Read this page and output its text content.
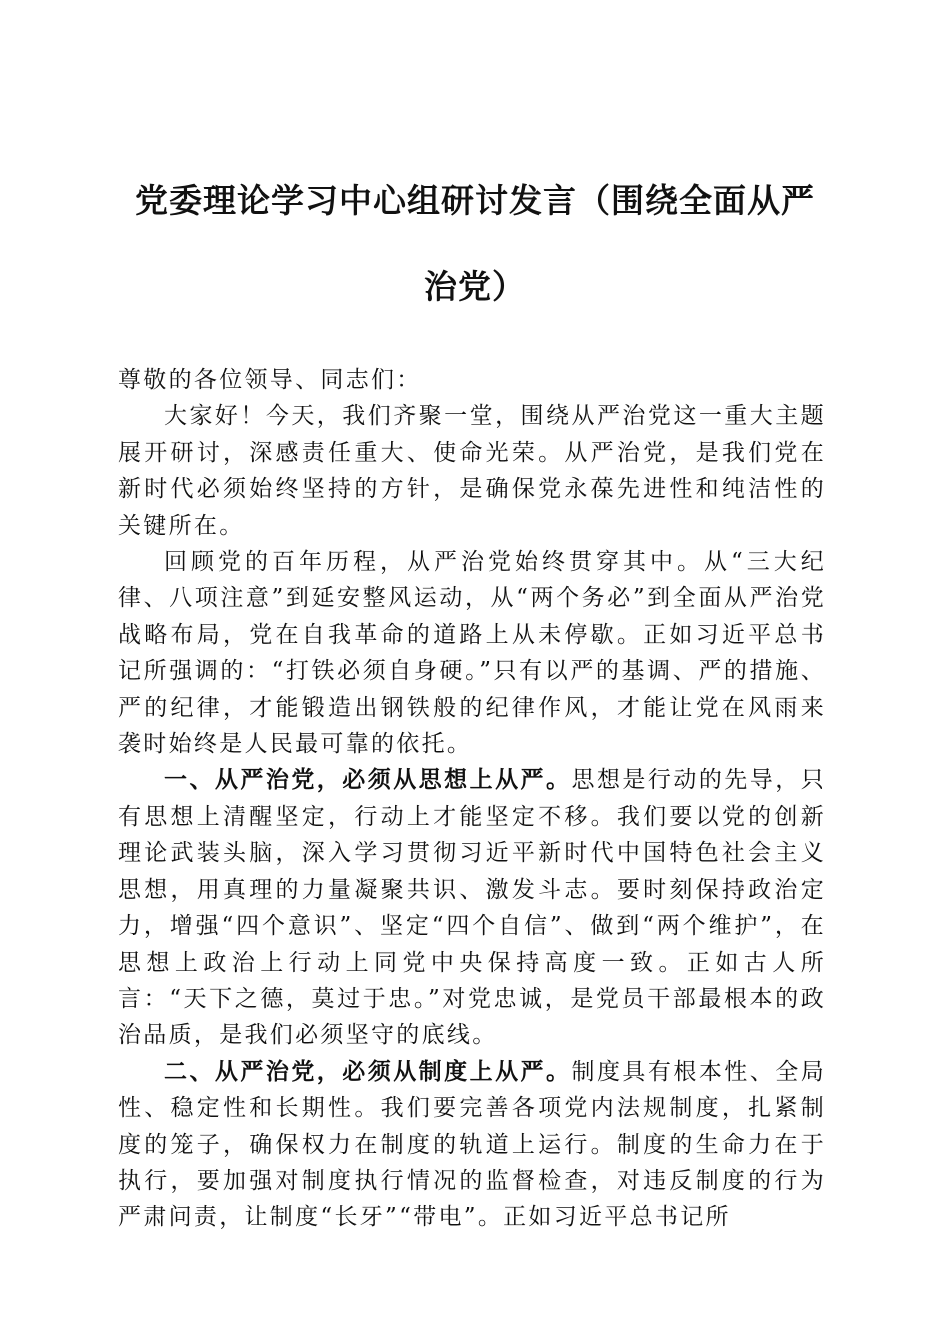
党委理论学习中心组研讨发言（围绕全面从严
治党）

尊敬的各位领导、同志们：

大家好！今天，我们齐聚一堂，围绕从严治党这一重大主题展开研讨，深感责任重大、使命光荣。从严治党，是我们党在新时代必须始终坚持的方针，是确保党永葆先进性和纯洁性的关键所在。

回顾党的百年历程，从严治党始终贯穿其中。从“三大纪律、八项注意”到延安整风运动，从“两个务必”到全面从严治党战略布局，党在自我革命的道路上从未停歇。正如习近平总书记所强调的：“打铁必须自身硬。”只有以严的基调、严的措施、严的纪律，才能锻造出钢铁般的纪律作风，才能让党在风雨来袭时始终是人民最可靠的依托。

一、从严治党，必须从思想上从严。思想是行动的先导，只有思想上清醒坚定，行动上才能坚定不移。我们要以党的创新理论武装头脑，深入学习贯彻习近平新时代中国特色社会主义思想，用真理的力量凝聚共识、激发斗志。要时刻保持政治定力，增强“四个意识”、坚定“四个自信”、做到“两个维护”，在思想上政治上行动上同党中央保持高度一致。正如古人所言：“天下之德，莫过于忠。”对党忠诚，是党员干部最根本的政治品质，是我们必须坚守的底线。

二、从严治党，必须从制度上从严。制度具有根本性、全局性、稳定性和长期性。我们要完善各项党内法规制度，扎紧制度的笼子，确保权力在制度的轨道上运行。制度的生命力在于执行，要加强对制度执行情况的监督检查，对违反制度的行为严肃问责，让制度“长牙”“带电”。正如习近平总书记所
